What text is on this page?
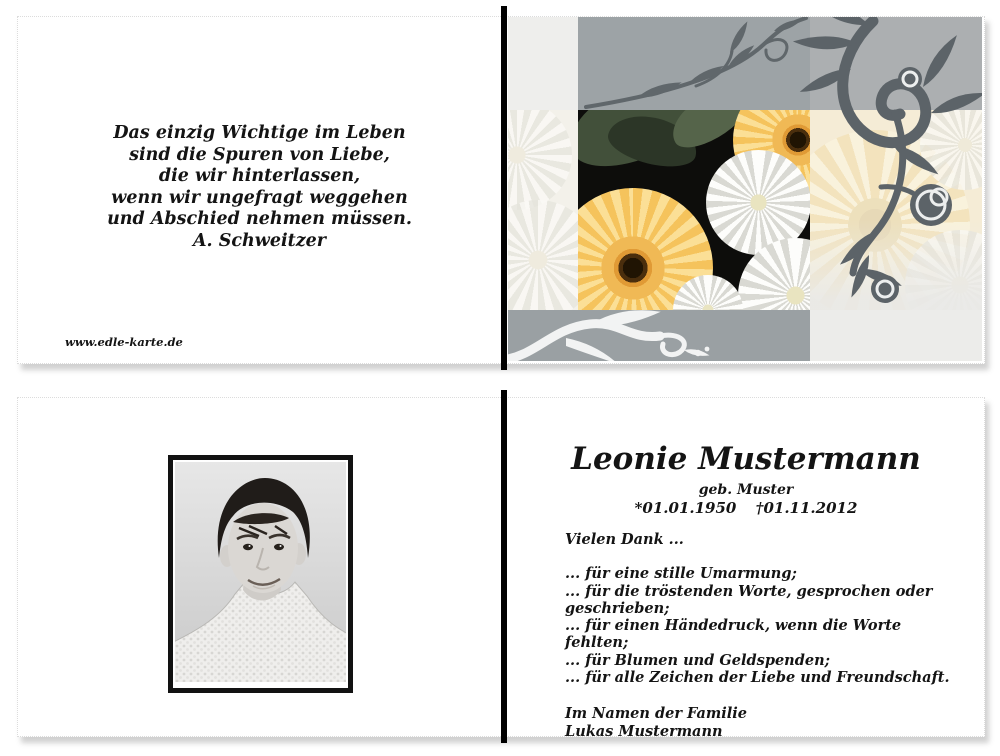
Das einzig Wichtige im Leben
sind die Spuren von Liebe,
die wir hinterlassen,
wenn wir ungefragt weggehen
und Abschied nehmen müssen.
A. Schweitzer
www.edle-karte.de
Leonie Mustermann
geb. Muster
*01.01.1950 †01.11.2012
Vielen Dank ...
... für eine stille Umarmung;
... für die tröstenden Worte, gesprochen oder geschrieben;
... für einen Händedruck, wenn die Worte fehlten;
... für Blumen und Geldspenden;
... für alle Zeichen der Liebe und Freundschaft.
Im Namen der Familie
Lukas Mustermann
